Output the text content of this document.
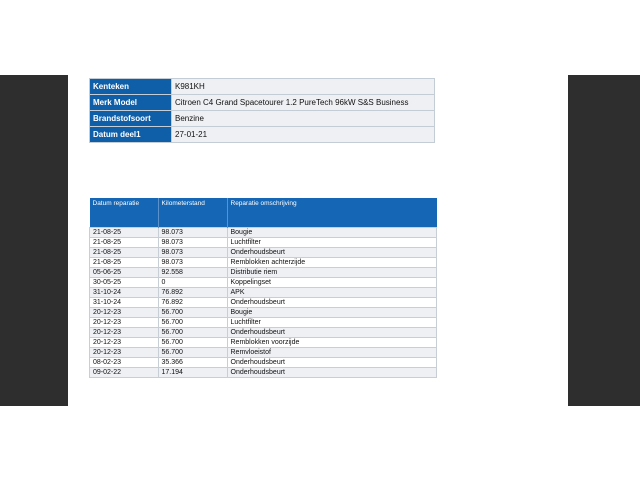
Kenteken	K981KH
Merk Model	Citroen C4 Grand Spacetourer 1.2 PureTech 96kW S&S Business
Brandstofsoort	Benzine
Datum deel1	27-01-21
Datum reparatie	Kilometerstand	Reparatie omschrijving
21-08-25	98.073	Bougie
21-08-25	98.073	Luchtfilter
21-08-25	98.073	Onderhoudsbeurt
21-08-25	98.073	Remblokken achterzijde
05-06-25	92.558	Distributie riem
30-05-25	0	Koppelingset
31-10-24	76.892	APK
31-10-24	76.892	Onderhoudsbeurt
20-12-23	56.700	Bougie
20-12-23	56.700	Luchtfilter
20-12-23	56.700	Onderhoudsbeurt
20-12-23	56.700	Remblokken voorzijde
20-12-23	56.700	Remvloeistof
08-02-23	35.366	Onderhoudsbeurt
09-02-22	17.194	Onderhoudsbeurt
